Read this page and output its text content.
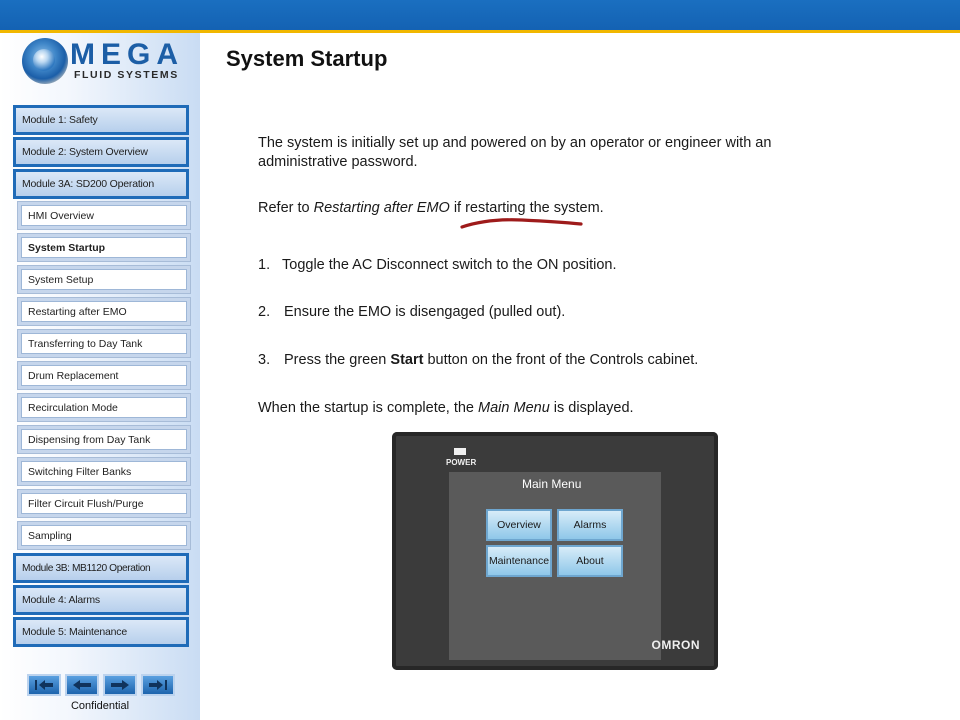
MEGA
FLUID SYSTEMS
Module 1: Safety
Module 2: System Overview
Module 3A: SD200 Operation
HMI Overview
System Startup
System Setup
Restarting after EMO
Transferring to Day Tank
Drum Replacement
Recirculation Mode
Dispensing from Day Tank
Switching Filter Banks
Filter Circuit Flush/Purge
Sampling
Module 3B: MB1120 Operation
Module 4: Alarms
Module 5: Maintenance
Confidential
System Startup
The system is initially set up and powered on by an operator or engineer with an administrative password.
Refer to Restarting after EMO if restarting the system.
1. Toggle the AC Disconnect switch to the ON position.
2. Ensure the EMO is disengaged (pulled out).
3. Press the green Start button on the front of the Controls cabinet.
When the startup is complete, the Main Menu is displayed.
POWER
Main Menu
Overview	Alarms
Maintenance	About
OMRON
